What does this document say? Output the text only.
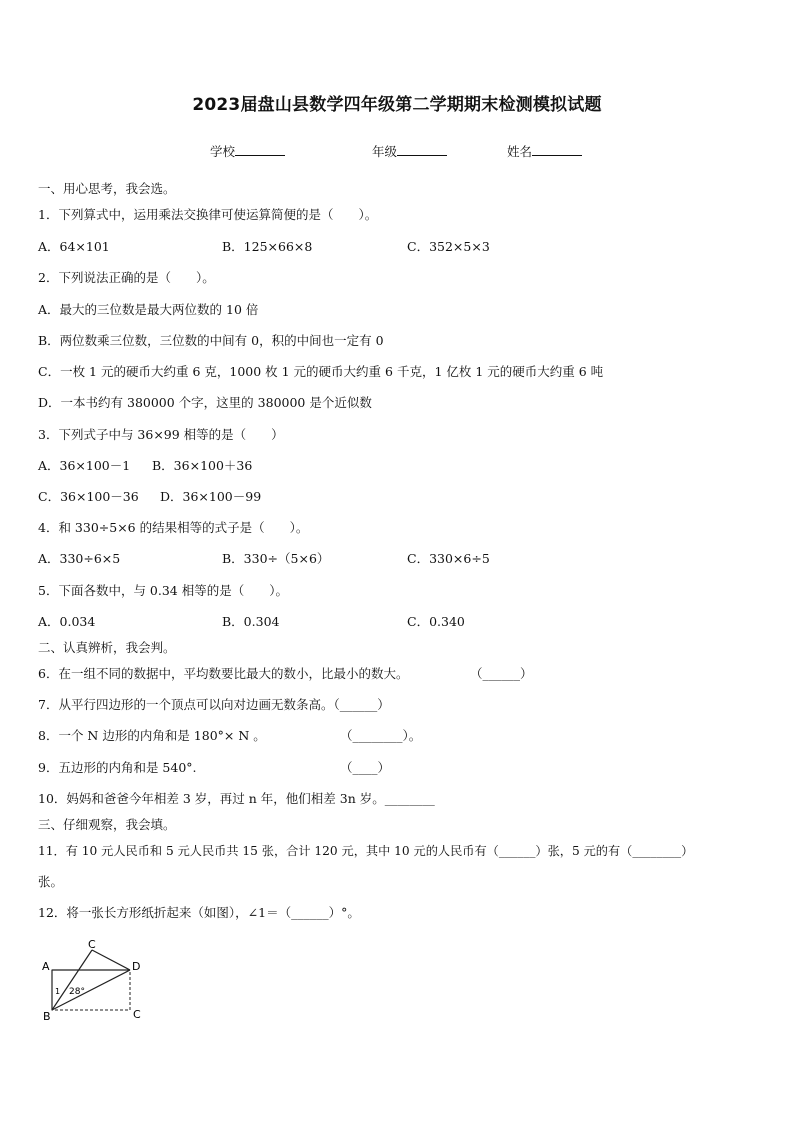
2023届盘山县数学四年级第二学期期末检测模拟试题
学校	年级	姓名
一、用心思考，我会选。
1．下列算式中，运用乘法交换律可使运算简便的是（　　）。
A．64×101	B．125×66×8	C．352×5×3
2．下列说法正确的是（　　）。
A．最大的三位数是最大两位数的 10 倍
B．两位数乘三位数，三位数的中间有 0，积的中间也一定有 0
C．一枚 1 元的硬币大约重 6 克，1000 枚 1 元的硬币大约重 6 千克，1 亿枚 1 元的硬币大约重 6 吨
D．一本书约有 380000 个字，这里的 380000 是个近似数
3．下列式子中与 36×99 相等的是（　　）
A．36×100－1 B．36×100＋36
C．36×100－36 D．36×100－99
4．和 330÷5×6 的结果相等的式子是（　　）。
A．330÷6×5	B．330÷（5×6）	C．330×6÷5
5．下面各数中，与 0.34 相等的是（　　）。
A．0.034	B．0.304	C．0.340
二、认真辨析，我会判。
6．在一组不同的数据中，平均数要比最大的数小，比最小的数大。	（______）
7．从平行四边形的一个顶点可以向对边画无数条高。（______）
8．一个 N 边形的内角和是 180°× N 。	（________）。
9．五边形的内角和是 540°.	（____）
10．妈妈和爸爸今年相差 3 岁，再过 n 年，他们相差 3n 岁。________
三、仔细观察，我会填。
11．有 10 元人民币和 5 元人民币共 15 张，合计 120 元，其中 10 元的人民币有（______）张，5 元的有（________）
张。
12．将一张长方形纸折起来（如图），∠1＝（______）°。
A
B
C
D
C
1 28°
